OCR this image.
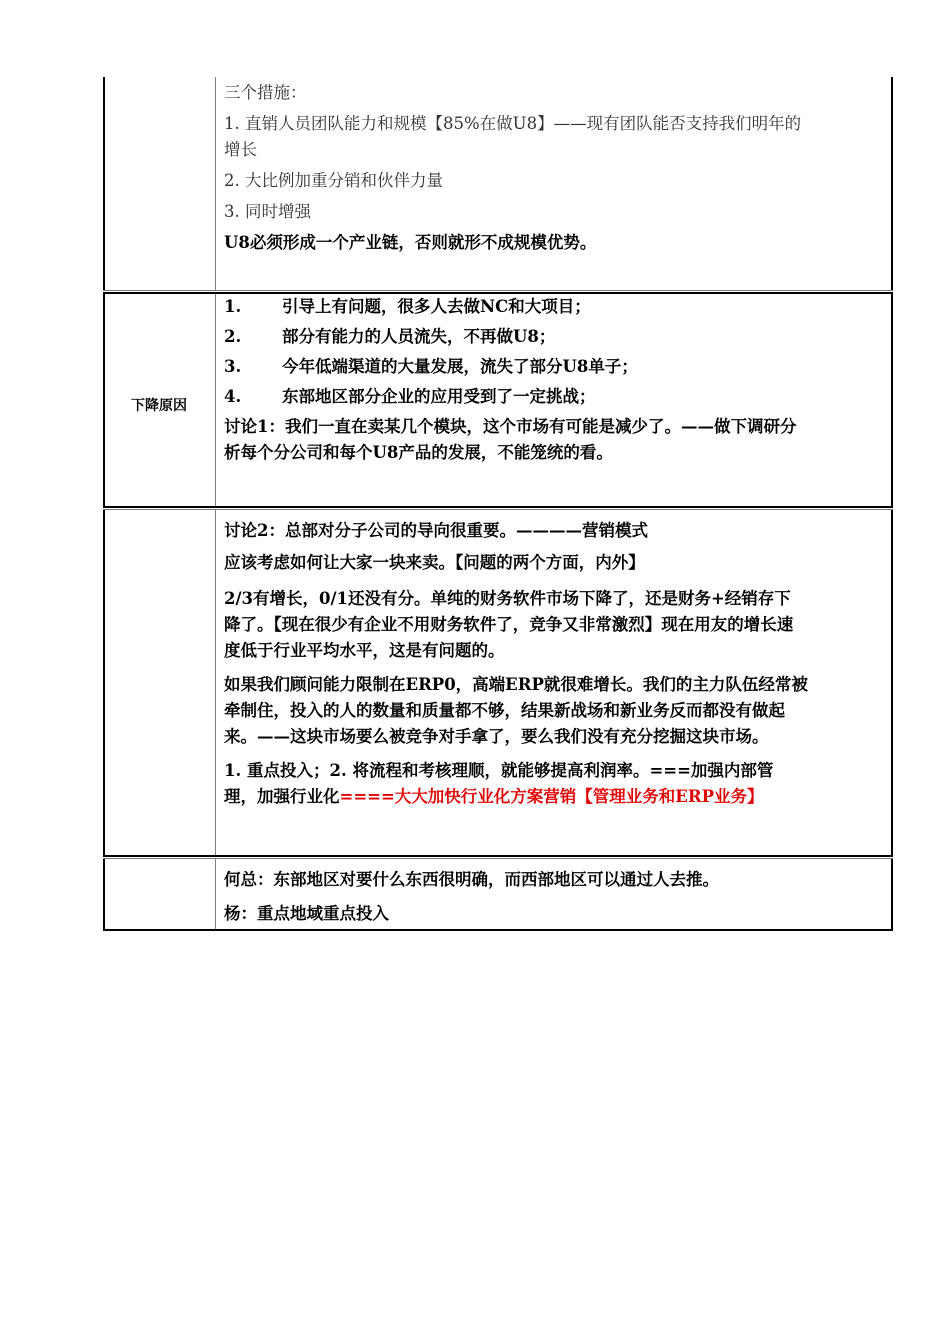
三个措施：
1. 直销人员团队能力和规模【85%在做U8】——现有团队能否支持我们明年的
增长
2. 大比例加重分销和伙伴力量
3. 同时增强
U8必须形成一个产业链，否则就形不成规模优势。
下降原因
1. 引导上有问题，很多人去做NC和大项目；
2. 部分有能力的人员流失，不再做U8；
3. 今年低端渠道的大量发展，流失了部分U8单子；
4. 东部地区部分企业的应用受到了一定挑战；
讨论1：我们一直在卖某几个模块，这个市场有可能是减少了。——做下调研分
析每个分公司和每个U8产品的发展，不能笼统的看。
讨论2：总部对分子公司的导向很重要。————营销模式
应该考虑如何让大家一块来卖。【问题的两个方面，内外】
2/3有增长，0/1还没有分。单纯的财务软件市场下降了，还是财务+经销存下
降了。【现在很少有企业不用财务软件了，竞争又非常激烈】现在用友的增长速
度低于行业平均水平，这是有问题的。
如果我们顾问能力限制在ERP0，高端ERP就很难增长。我们的主力队伍经常被
牵制住，投入的人的数量和质量都不够，结果新战场和新业务反而都没有做起
来。——这块市场要么被竞争对手拿了，要么我们没有充分挖掘这块市场。
1. 重点投入；2. 将流程和考核理顺，就能够提高利润率。===加强内部管
理，加强行业化====大大加快行业化方案营销【管理业务和ERP业务】
何总：东部地区对要什么东西很明确，而西部地区可以通过人去推。
杨：重点地域重点投入
